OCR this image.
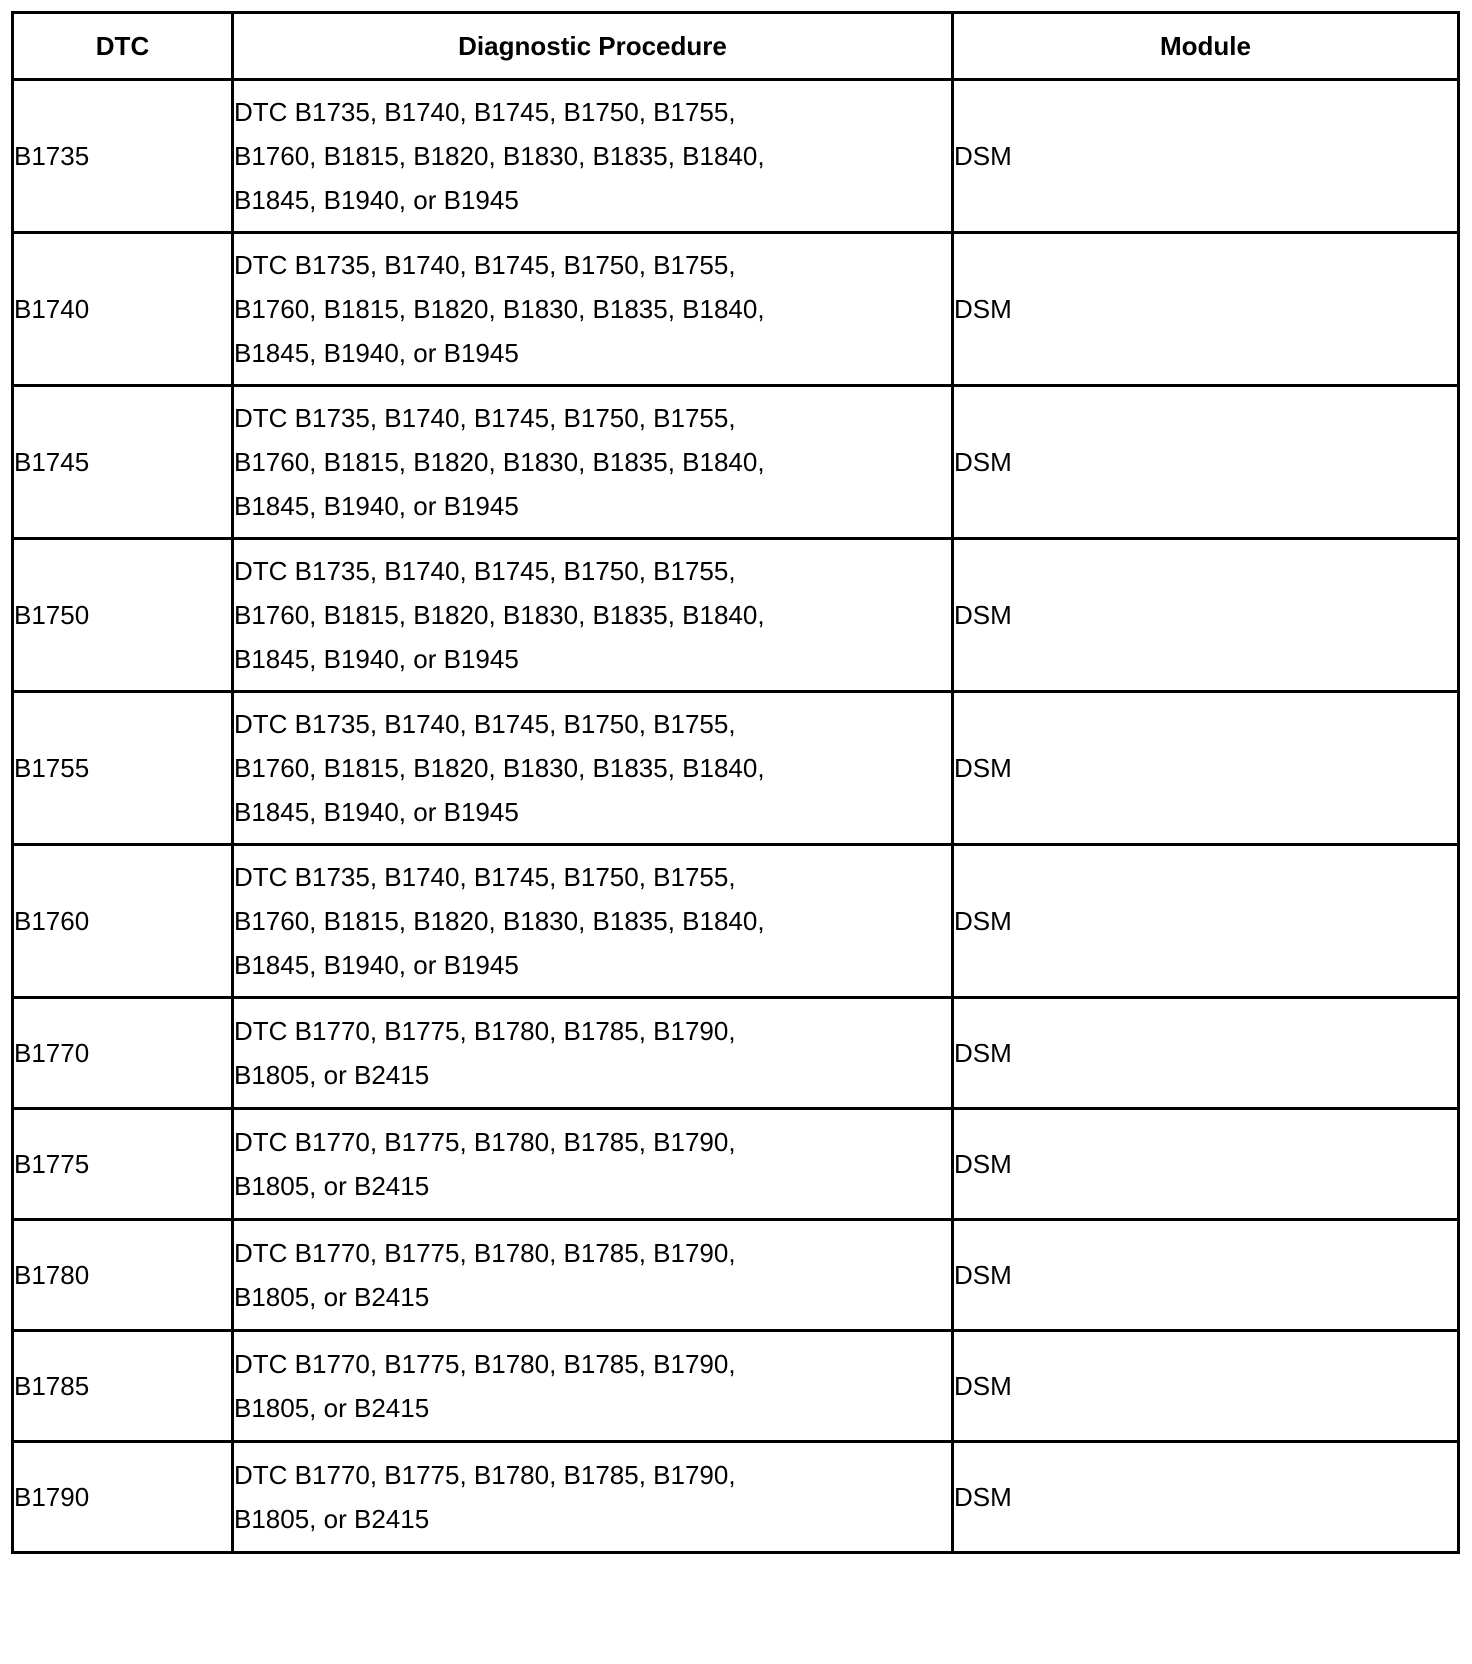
DTC	Diagnostic Procedure	Module
B1735	DTC B1735, B1740, B1745, B1750, B1755,
B1760, B1815, B1820, B1830, B1835, B1840,
B1845, B1940, or B1945	DSM
B1740	DTC B1735, B1740, B1745, B1750, B1755,
B1760, B1815, B1820, B1830, B1835, B1840,
B1845, B1940, or B1945	DSM
B1745	DTC B1735, B1740, B1745, B1750, B1755,
B1760, B1815, B1820, B1830, B1835, B1840,
B1845, B1940, or B1945	DSM
B1750	DTC B1735, B1740, B1745, B1750, B1755,
B1760, B1815, B1820, B1830, B1835, B1840,
B1845, B1940, or B1945	DSM
B1755	DTC B1735, B1740, B1745, B1750, B1755,
B1760, B1815, B1820, B1830, B1835, B1840,
B1845, B1940, or B1945	DSM
B1760	DTC B1735, B1740, B1745, B1750, B1755,
B1760, B1815, B1820, B1830, B1835, B1840,
B1845, B1940, or B1945	DSM
B1770	DTC B1770, B1775, B1780, B1785, B1790,
B1805, or B2415	DSM
B1775	DTC B1770, B1775, B1780, B1785, B1790,
B1805, or B2415	DSM
B1780	DTC B1770, B1775, B1780, B1785, B1790,
B1805, or B2415	DSM
B1785	DTC B1770, B1775, B1780, B1785, B1790,
B1805, or B2415	DSM
B1790	DTC B1770, B1775, B1780, B1785, B1790,
B1805, or B2415	DSM
